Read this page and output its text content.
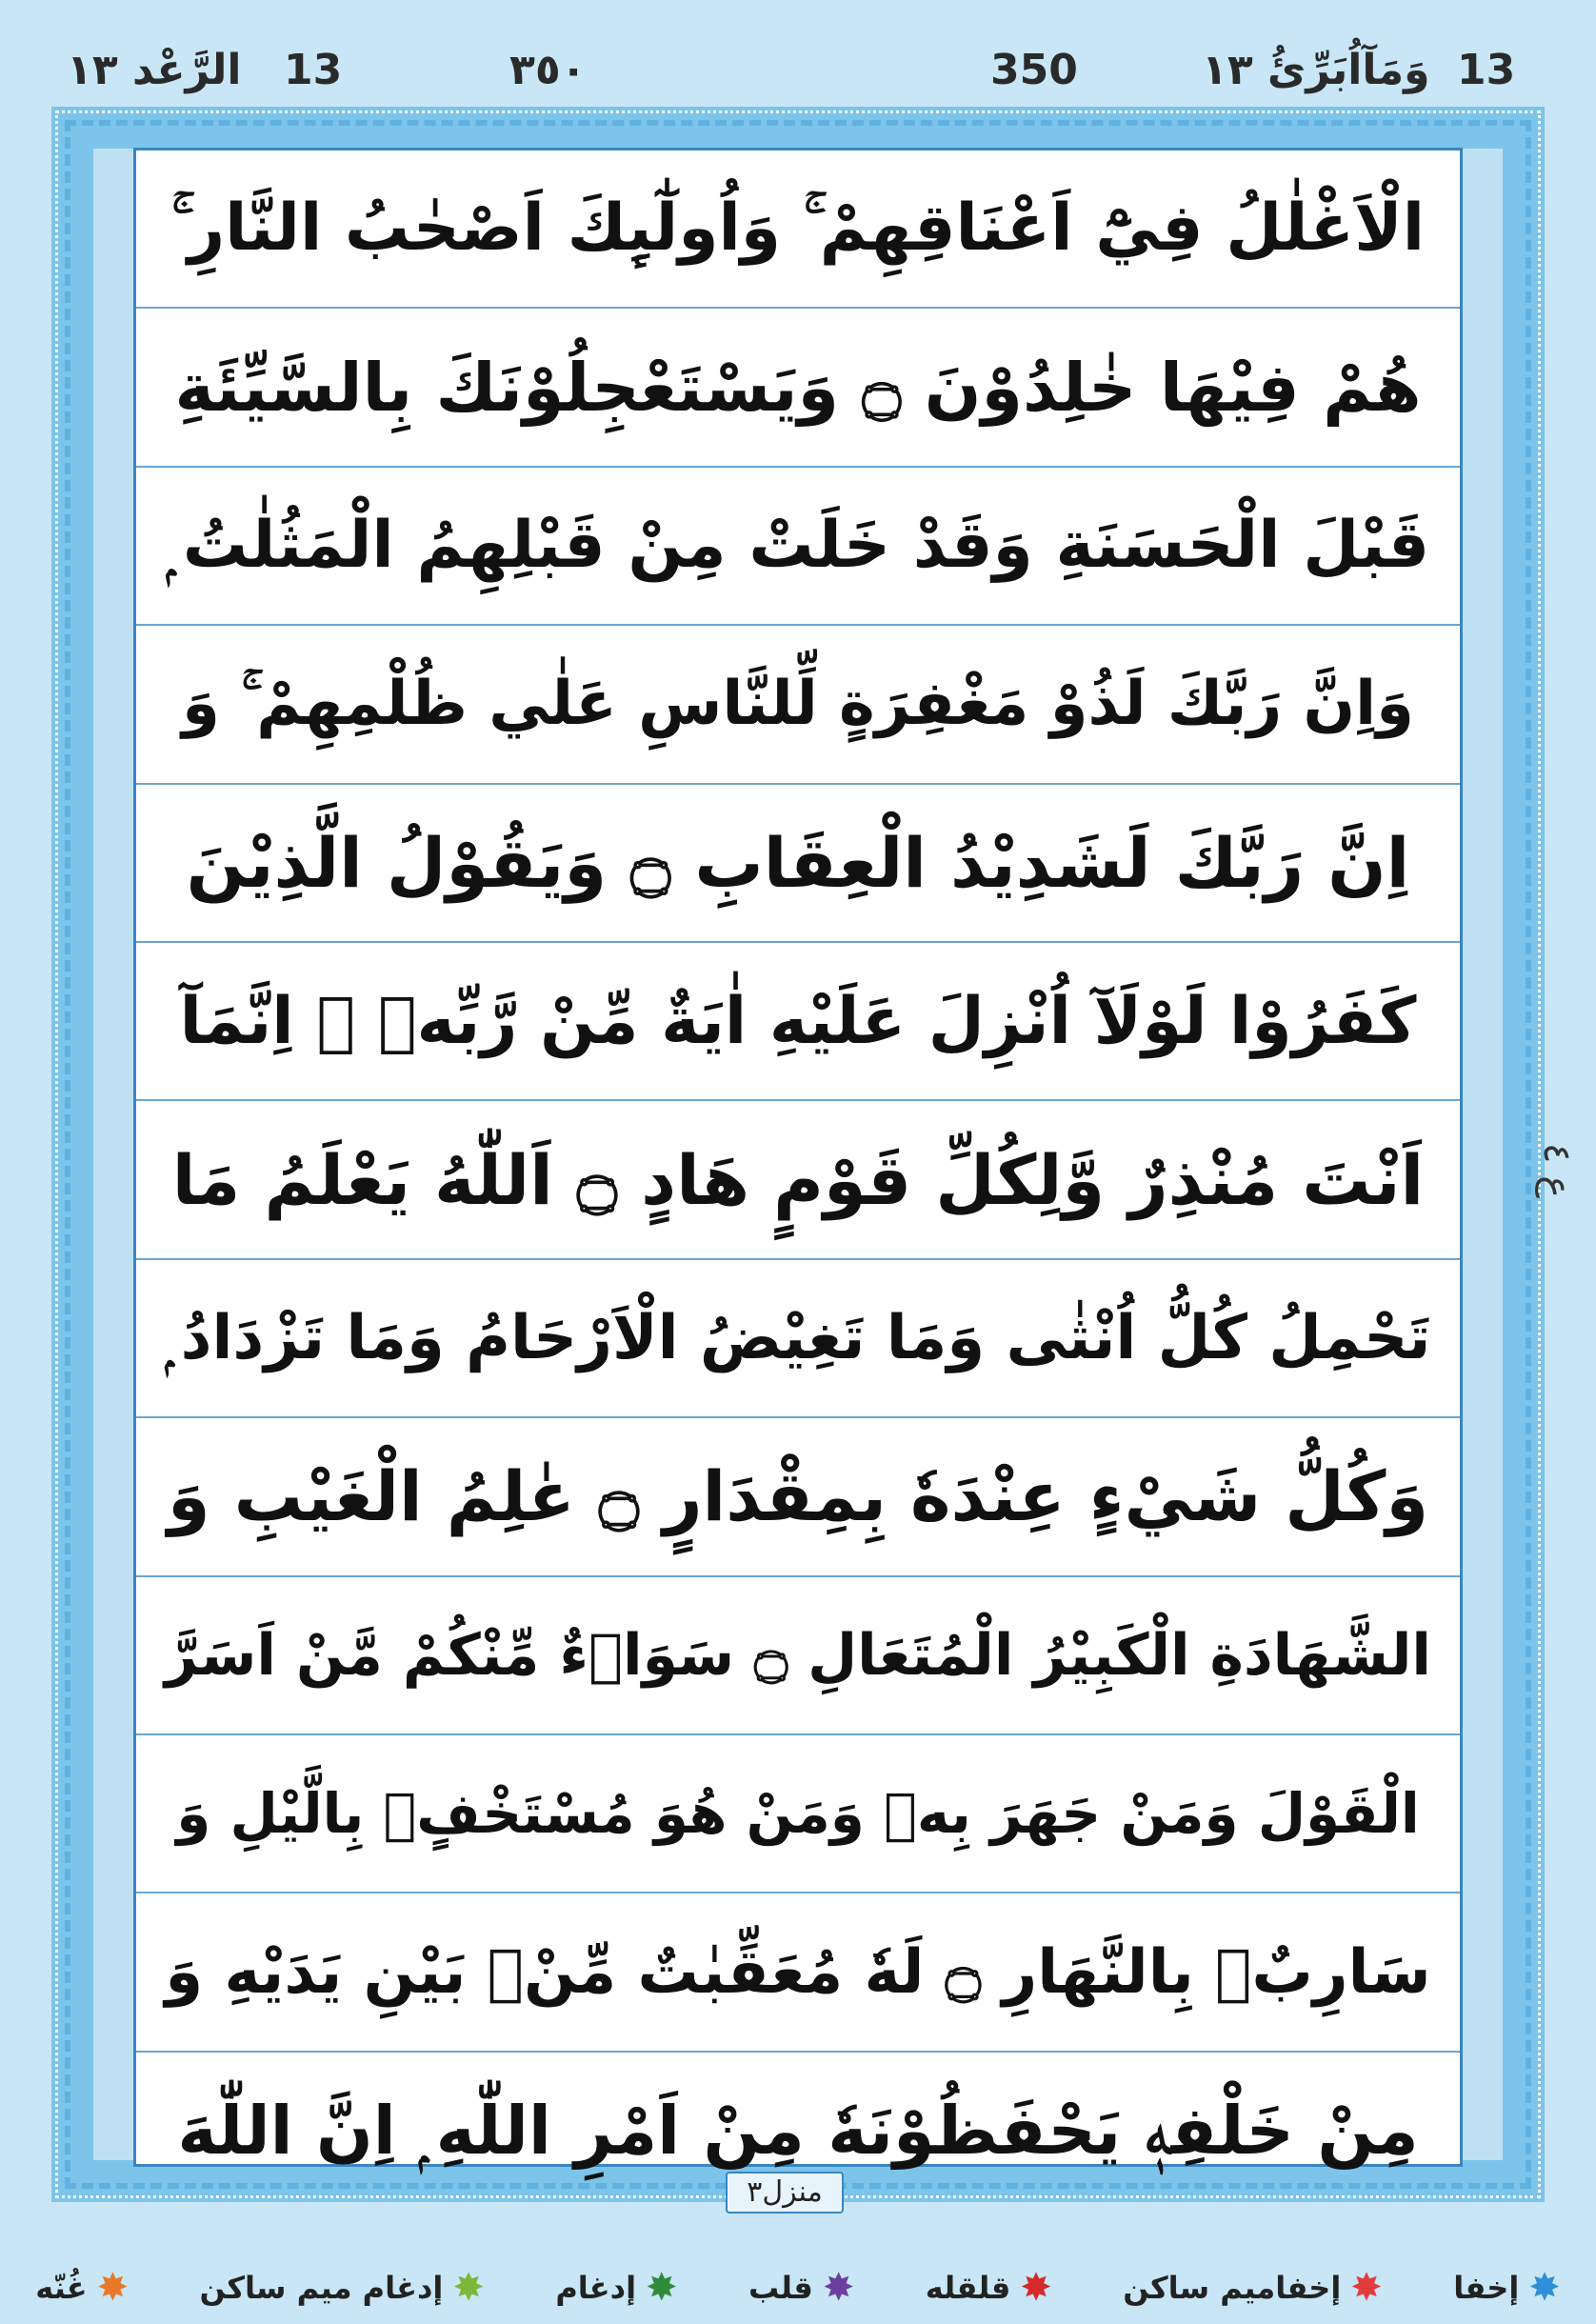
الرَّعْد ١٣ 13	٣٥٠	350	وَمَآاُبَرِّئُ ١٣ 13
الْاَغْلٰلُ فِيْٓ اَعْنَاقِهِمْ ۚ وَاُولٰٓىِٕكَ اَصْحٰبُ النَّارِ ۚ
هُمْ فِيْهَا خٰلِدُوْنَ ۝ وَيَسْتَعْجِلُوْنَكَ بِالسَّيِّئَةِ
قَبْلَ الْحَسَنَةِ وَقَدْ خَلَتْ مِنْ قَبْلِهِمُ الْمَثُلٰتُ ۭ
وَاِنَّ رَبَّكَ لَذُوْ مَغْفِرَةٍ لِّلنَّاسِ عَلٰي ظُلْمِهِمْ ۚ وَ
اِنَّ رَبَّكَ لَشَدِيْدُ الْعِقَابِ ۝ وَيَقُوْلُ الَّذِيْنَ
كَفَرُوْا لَوْلَآ اُنْزِلَ عَلَيْهِ اٰيَةٌ مِّنْ رَّبِّهٖ ۭ اِنَّمَآ
اَنْتَ مُنْذِرٌ وَّلِكُلِّ قَوْمٍ هَادٍ ۝ اَللّٰهُ يَعْلَمُ مَا
تَحْمِلُ كُلُّ اُنْثٰى وَمَا تَغِيْضُ الْاَرْحَامُ وَمَا تَزْدَادُ ۭ
وَكُلُّ شَيْءٍ عِنْدَهٗ بِمِقْدَارٍ ۝ عٰلِمُ الْغَيْبِ وَ
الشَّهَادَةِ الْكَبِيْرُ الْمُتَعَالِ ۝ سَوَاۗءٌ مِّنْكُمْ مَّنْ اَسَرَّ
الْقَوْلَ وَمَنْ جَهَرَ بِهٖ وَمَنْ هُوَ مُسْتَخْفٍۢ بِالَّيْلِ وَ
سَارِبٌۢ بِالنَّهَارِ ۝ لَهٗ مُعَقِّبٰتٌ مِّنْۢ بَيْنِ يَدَيْهِ وَ
مِنْ خَلْفِهٖ يَحْفَظُوْنَهٗ مِنْ اَمْرِ اللّٰهِ ۭ اِنَّ اللّٰهَ
ع ٤
منزل٣
✸
إخفا
✸
إخفاميم ساكن
✸
قلقله
✸
قلب
✸
إدغام
✸
إدغام ميم ساكن
✸
غُنّه
